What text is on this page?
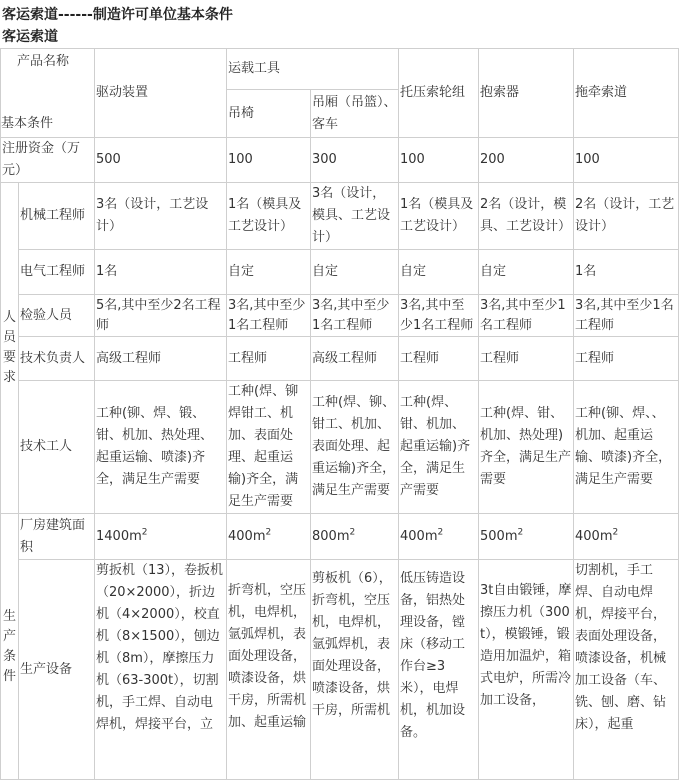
客运索道------制造许可单位基本条件
客运索道
产品名称
基本条件		驱动装置	运载工具		托压索轮组	抱索器	拖牵索道
			吊椅	吊厢（吊篮）、客车			
注册资金（万元）		500	100	300	100	200	100
人员要求	机械工程师	3名（设计，工艺设计）	1名（模具及工艺设计）	3名（设计，模具、工艺设计）	1名（模具及工艺设计）	2名（设计，模具、工艺设计）	2名（设计，工艺设计）
	电气工程师	1名	自定	自定	自定	自定	1名
	检验人员	5名,其中至少2名工程师	3名,其中至少1名工程师	3名,其中至少1名工程师	3名,其中至少1名工程师	3名,其中至少1名工程师	3名,其中至少1名工程师
	技术负责人	高级工程师	工程师	高级工程师	工程师	工程师	工程师
	技术工人	工种(铆、焊、锻、钳、机加、热处理、起重运输、喷漆)齐全，满足生产需要	工种(焊、铆焊钳工、机加、表面处理、起重运输)齐全，满足生产需要	工种(焊、铆、钳工、机加、表面处理、起重运输)齐全，满足生产需要	工种(焊、钳、机加、起重运输)齐全，满足生产需要	工种(焊、钳、机加、热处理)齐全，满足生产需要	工种(铆、焊、、机加、起重运输、喷漆)齐全，满足生产需要
生产条件	厂房建筑面积	$1400m^2$	$400m^2$	$800m^2$	$400m^2$	$500m^2$	$400m^2$
	生产设备	剪扳机（13），卷扳机（20×2000），折边机（4×2000），校直机（8×1500），刨边机（8m），摩擦压力机（63-300t），切割机，手工焊、自动电焊机，焊接平台，立	折弯机，空压机，电焊机，氩弧焊机，表面处理设备，喷漆设备，烘干房，所需机加、起重运输	剪板机（6），折弯机，空压机，电焊机，氩弧焊机，表面处理设备，喷漆设备，烘干房，所需机	低压铸造设备，铝热处理设备，镗床（移动工作台≥3米），电焊机，机加设备。	3t自由锻锤，摩擦压力机（300t），模锻锤，锻造用加温炉，箱式电炉，所需冷加工设备，	切割机，手工焊、自动电焊机，焊接平台，表面处理设备，喷漆设备，机械加工设备（车、铣、刨、磨、钻床），起重
